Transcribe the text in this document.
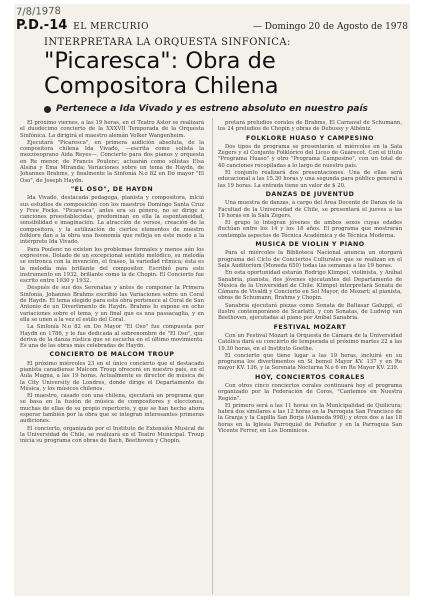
7/8/1978
P.D.-14 EL MERCURIO	— Domingo 20 de Agosto de 1978
INTERPRETARA LA ORQUESTA SINFONICA:
"Picaresca": Obra de
Compositora Chilena
Pertenece a Ida Vivado y es estreno absoluto en nuestro país

El próximo viernes, a las 19 horas, en el Teatro Astor se realizará el duodécimo concierto de la XXXVII Temporada de la Orquesta Sinfónica. La dirigirá el maestro alemán Volker Wangenheim.

Ejecutará "Picaresca", en primera audición absoluta, de la compositora chilena Ida Vivado, —escrita como solista la mezzosoprano Aida Reyes—, Concierto para dos pianos y orquesta en Re menor, de Francis Poulenc; actuarán como solistas Elsa Alsina y Ema Miranda; Variaciones sobre un tema de Haydn, de Johannes Brahms, y finalmente la Sinfonía N.o 82 en Do mayor "El Oso", de Joseph Haydn.

"EL OSO", DE HAYDN

Ida Vivado, destacada pedagoga, pianista y compositora, inició sus estudios de composición con los maestros Domingo Santa Cruz y Free Focke. "Picaresca", antes era su género, no se dirige a canciones preestablecidas, predominan en ella la espontaneidad, sensibilidad e imaginación. La atracción de versos, creación de la compositora, y la estilización de ciertos elementos de nuestro folklore dan a la obra una fisonomía que refleja en este modo a la intérprete Ida Vivado.

Para Poulenc no existen los problemas formales y menos aún los expresivos. Dotado de un excepcional sentido melódico, su melodía se entronca con la invención, el fraseo, la variedad rítmica; ésta es la melodía más brillante del compositor. Escribió para este instrumento en 1932, brillante como la de Chopin. El Concierto fue escrito entre 1930 y 1932.

Después de sus dos Serenatas y antes de componer la Primera Sinfonía, Johannes Brahms escribió las Variaciones sobre un Coral de Haydn. El tema elegido para esta obra pertenece al Coral de San Antonio de un Divertimento de Haydn. Brahms lo expone en ocho variaciones sobre el tema, y un final que es una passacaglia, y en ella se unen a la vez el estilo del Coral.

La Sinfonía N.o 82 en Do Mayor "El Oso" fue compuesta por Haydn en 1786, y le fue dedicada al sobrenombre de "El Oso", que deriva de la danza rústica que se escucha en el último movimiento. Es una de las obras más celebradas de Haydn.

CONCIERTO DE MALCOM TROUP

El próximo miércoles 23 en el único concierto que el destacado pianista canadiense Malcom Troup ofrecerá en nuestro país, en el Aula Magna, a las 19 horas. Actualmente es director de música de la City University de Londres, donde dirige el Departamento de Música, y los músicos chilenos.

El maestro, casado con una chilena, ejecutará un programa que se basa en la fusión de música de compositores y elecciones, muchas de ellas de su propio repertorio, y que se han hecho ahora esperar también por la obra que se integran interesantes primeras audiciones.

El concierto, organizado por el Instituto de Extensión Musical de la Universidad de Chile, se realizará en el Teatro Municipal. Troup inicia su programa con obras de Bach, Beethoven y Chopin.

pretará preludios corales de Brahms, El Carnaval de Schumann, los 24 preludios de Chopin y obras de Debussy y Albéniz.

FOLKLORE HUASO Y CAMPESINO

Dos tipos de programa se presentarán el miércoles en la Sala Zegers y el Conjunto Folklórico del Liceo de Guarecot. Con el título "Programa Huaso" y otro "Programa Campesino", con un total de 40 canciones recopiladas a lo largo de nuestro país.

El conjunto realizará dos presentaciones. Una de ellas será educacional a las 15.30 horas y una segunda para público general a las 19 horas. La entrada tiene un valor de $ 20.

DANZAS DE JUVENTUD

Una muestra de danzas, a cargo del Área Docente de Danza de la Facultad de la Universidad de Chile, se presentará el jueves a las 19 horas en la Sala Zegers.

El grupo lo integran jóvenes de ambos sexos cuyas edades fluctúan entre los 14 y los 18 años. El programa que mostrarán contempla aspectos de Técnica Académica y de Técnica Moderna.

MUSICA DE VIOLIN Y PIANO

Para el miércoles la Biblioteca Nacional anuncia un otorgará programa del Ciclo de Conciertos Culturales que se realizan en el Sala Auditorium (Moneda 650) todas las semanas a las 19 horas.

En esta oportunidad estarán Rodrigo Klimpel, violinista, y Aníbal Sanabria, pianista, dos jóvenes ejecutantes del Departamento de Música de la Universidad de Chile. Klimpel interpretará Sonata de Cámara de Vivaldi y Concierto en Sol Mayor, de Mozart; al pianista, obras de Schumann, Brahms y Chopin.

Sanabria ejecutará piezas como Sonata de Baltasar Galuppi, el ilustre contemporáneo de Scarlatti, y con Sonatas, de Ludwig van Beethoven, ejecutadas al piano por Aníbal Sanabria.

FESTIVAL MOZART

Con un Festival Mozart la Orquesta de Cámara de la Universidad Católica dará su concierto de temporada el próximo martes 22 a las 19.30 horas, en el Instituto Goethe.

El concierto que tiene lugar a las 19 horas, incluirá en su programa los divertimentos en Si bemol Mayor KV. 137 y en Re mayor KV. 136, y la Serenata Nocturna N.o 6 en Re Mayor KV. 239.

HOY, CONCIERTOS CORALES

Con otros cinco conciertos corales continuará hoy el programa organizado por la Federación de Coros, "Cantemos en Nuestra Región".

El primero será a las 11 horas en la Municipalidad de Quilicura; habrá dos similares a las 12 horas en la Parroquia San Francisco de la Granja y la Capilla San Borja (Alameda 998); y otros dos a las 18 horas en la Iglesia Parroquial de Peñaflor y en la Parroquia San Vicente Ferrer, en Los Domínicos.
